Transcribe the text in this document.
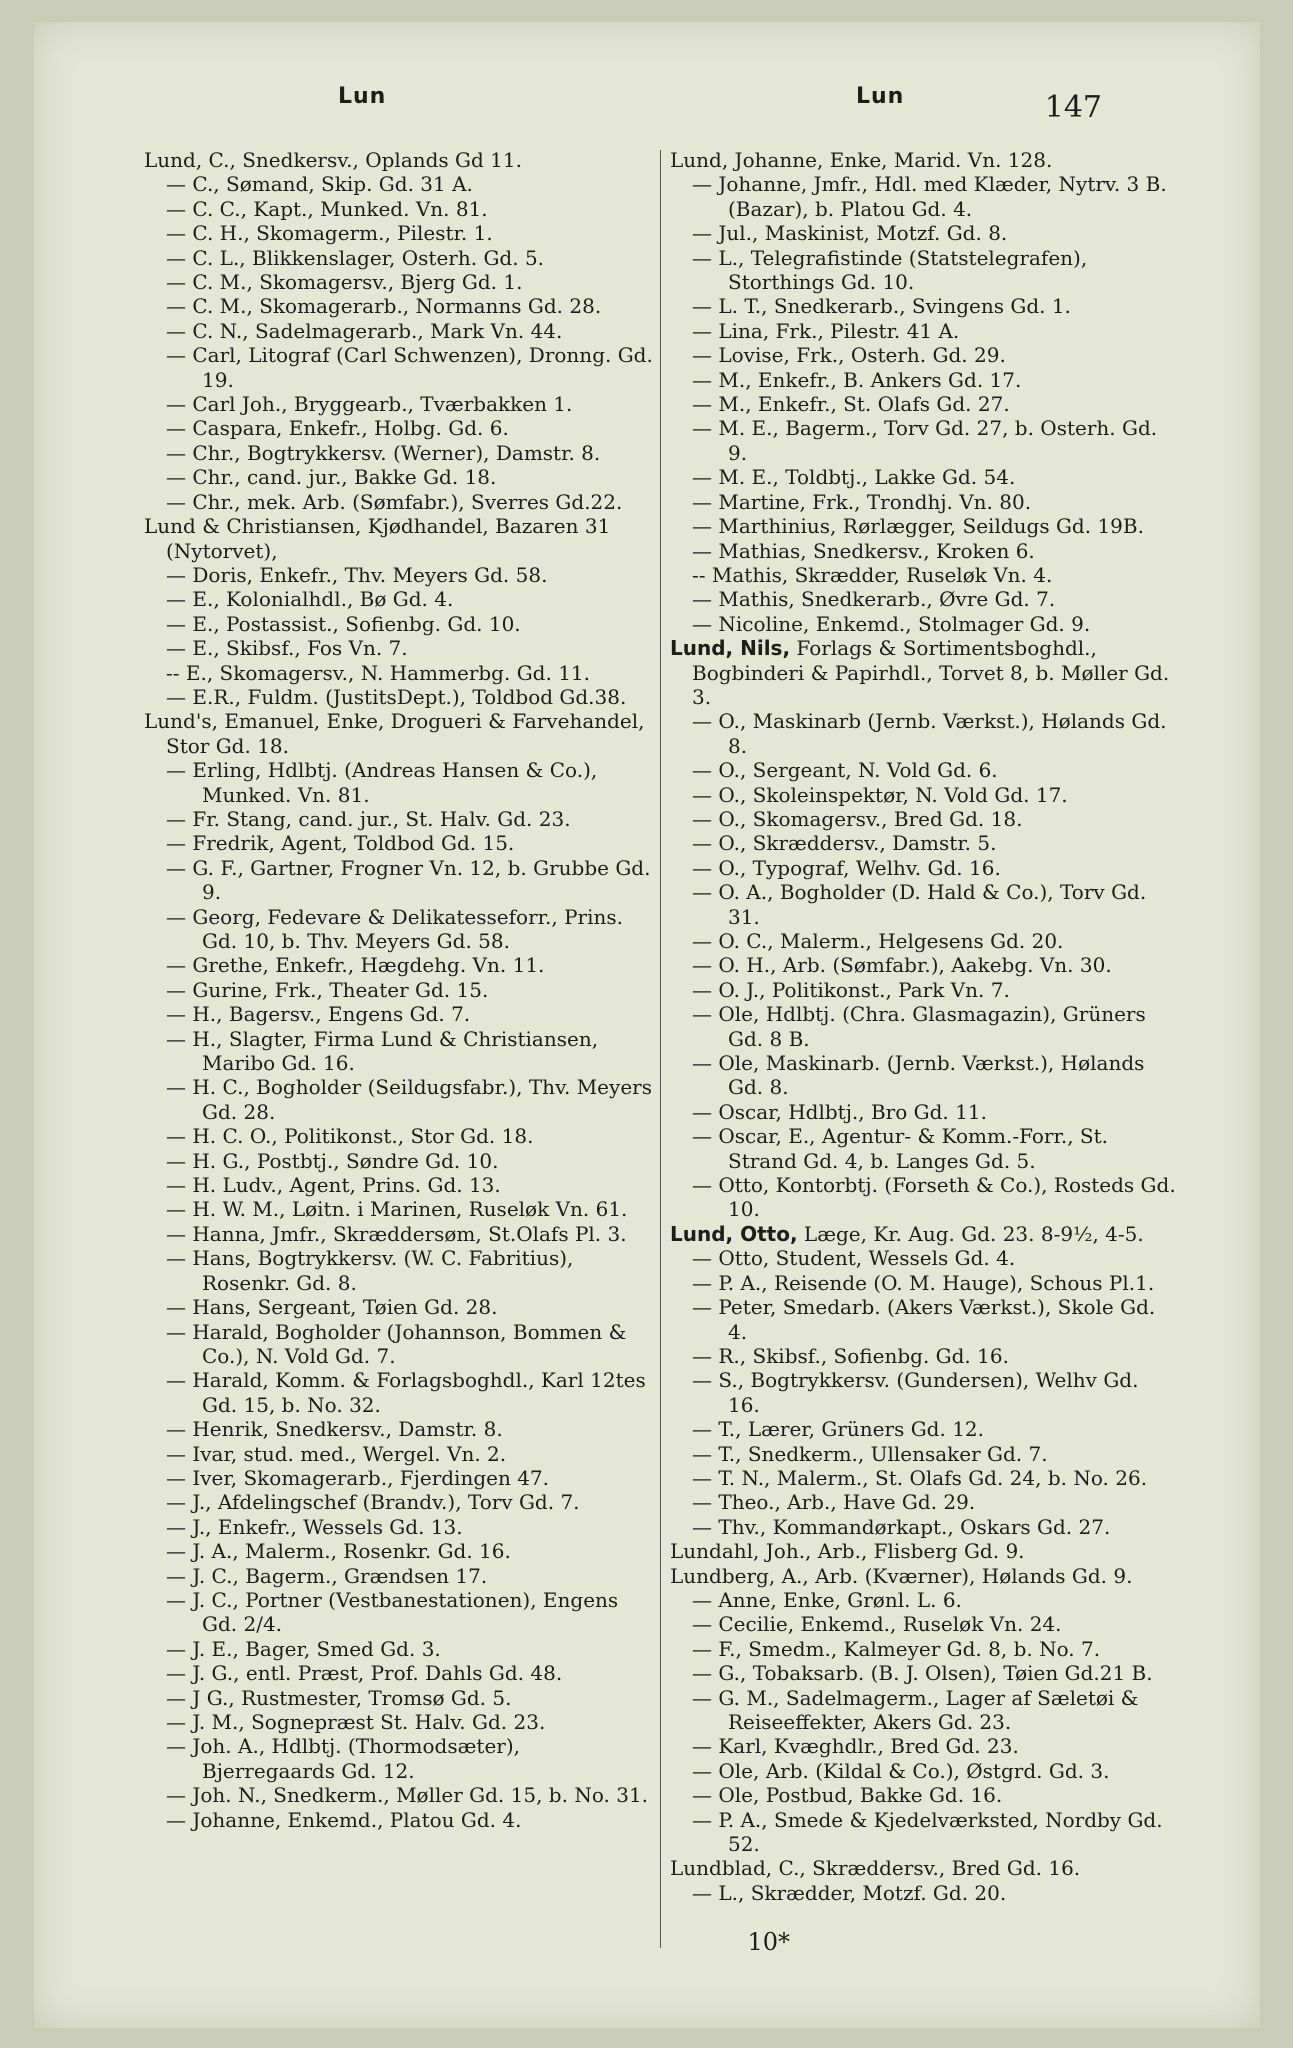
Lun	Lun	147
Lund, C., Snedkersv., Oplands Gd 11.
— C., Sømand, Skip. Gd. 31 A.
— C. C., Kapt., Munked. Vn. 81.
— C. H., Skomagerm., Pilestr. 1.
— C. L., Blikkenslager, Osterh. Gd. 5.
— C. M., Skomagersv., Bjerg Gd. 1.
— C. M., Skomagerarb., Normanns Gd. 28.
— C. N., Sadelmagerarb., Mark Vn. 44.
— Carl, Litograf (Carl Schwenzen), Dronng. Gd. 19.
— Carl Joh., Bryggearb., Tværbakken 1.
— Caspara, Enkefr., Holbg. Gd. 6.
— Chr., Bogtrykkersv. (Werner), Damstr. 8.
— Chr., cand. jur., Bakke Gd. 18.
— Chr., mek. Arb. (Sømfabr.), Sverres Gd.22.
Lund & Christiansen, Kjødhandel, Bazaren 31 (Nytorvet),
— Doris, Enkefr., Thv. Meyers Gd. 58.
— E., Kolonialhdl., Bø Gd. 4.
— E., Postassist., Sofienbg. Gd. 10.
— E., Skibsf., Fos Vn. 7.
-- E., Skomagersv., N. Hammerbg. Gd. 11.
— E.R., Fuldm. (JustitsDept.), Toldbod Gd.38.
Lund's, Emanuel, Enke, Drogueri & Farvehandel, Stor Gd. 18.
— Erling, Hdlbtj. (Andreas Hansen & Co.), Munked. Vn. 81.
— Fr. Stang, cand. jur., St. Halv. Gd. 23.
— Fredrik, Agent, Toldbod Gd. 15.
— G. F., Gartner, Frogner Vn. 12, b. Grubbe Gd. 9.
— Georg, Fedevare & Delikatesseforr., Prins. Gd. 10, b. Thv. Meyers Gd. 58.
— Grethe, Enkefr., Hægdehg. Vn. 11.
— Gurine, Frk., Theater Gd. 15.
— H., Bagersv., Engens Gd. 7.
— H., Slagter, Firma Lund & Christiansen, Maribo Gd. 16.
— H. C., Bogholder (Seildugsfabr.), Thv. Meyers Gd. 28.
— H. C. O., Politikonst., Stor Gd. 18.
— H. G., Postbtj., Søndre Gd. 10.
— H. Ludv., Agent, Prins. Gd. 13.
— H. W. M., Løitn. i Marinen, Ruseløk Vn. 61.
— Hanna, Jmfr., Skræddersøm, St.Olafs Pl. 3.
— Hans, Bogtrykkersv. (W. C. Fabritius), Rosenkr. Gd. 8.
— Hans, Sergeant, Tøien Gd. 28.
— Harald, Bogholder (Johannson, Bommen & Co.), N. Vold Gd. 7.
— Harald, Komm. & Forlagsboghdl., Karl 12tes Gd. 15, b. No. 32.
— Henrik, Snedkersv., Damstr. 8.
— Ivar, stud. med., Wergel. Vn. 2.
— Iver, Skomagerarb., Fjerdingen 47.
— J., Afdelingschef (Brandv.), Torv Gd. 7.
— J., Enkefr., Wessels Gd. 13.
— J. A., Malerm., Rosenkr. Gd. 16.
— J. C., Bagerm., Grændsen 17.
— J. C., Portner (Vestbanestationen), Engens Gd. 2/4.
— J. E., Bager, Smed Gd. 3.
— J. G., entl. Præst, Prof. Dahls Gd. 48.
— J G., Rustmester, Tromsø Gd. 5.
— J. M., Sognepræst St. Halv. Gd. 23.
— Joh. A., Hdlbtj. (Thormodsæter), Bjerregaards Gd. 12.
— Joh. N., Snedkerm., Møller Gd. 15, b. No. 31.
— Johanne, Enkemd., Platou Gd. 4.
Lund, Johanne, Enke, Marid. Vn. 128.
— Johanne, Jmfr., Hdl. med Klæder, Nytrv. 3 B. (Bazar), b. Platou Gd. 4.
— Jul., Maskinist, Motzf. Gd. 8.
— L., Telegrafistinde (Statstelegrafen), Storthings Gd. 10.
— L. T., Snedkerarb., Svingens Gd. 1.
— Lina, Frk., Pilestr. 41 A.
— Lovise, Frk., Osterh. Gd. 29.
— M., Enkefr., B. Ankers Gd. 17.
— M., Enkefr., St. Olafs Gd. 27.
— M. E., Bagerm., Torv Gd. 27, b. Osterh. Gd. 9.
— M. E., Toldbtj., Lakke Gd. 54.
— Martine, Frk., Trondhj. Vn. 80.
— Marthinius, Rørlægger, Seildugs Gd. 19B.
— Mathias, Snedkersv., Kroken 6.
-- Mathis, Skrædder, Ruseløk Vn. 4.
— Mathis, Snedkerarb., Øvre Gd. 7.
— Nicoline, Enkemd., Stolmager Gd. 9.
Lund, Nils, Forlags & Sortimentsboghdl., Bogbinderi & Papirhdl., Torvet 8, b. Møller Gd. 3.
— O., Maskinarb (Jernb. Værkst.), Hølands Gd. 8.
— O., Sergeant, N. Vold Gd. 6.
— O., Skoleinspektør, N. Vold Gd. 17.
— O., Skomagersv., Bred Gd. 18.
— O., Skræddersv., Damstr. 5.
— O., Typograf, Welhv. Gd. 16.
— O. A., Bogholder (D. Hald & Co.), Torv Gd. 31.
— O. C., Malerm., Helgesens Gd. 20.
— O. H., Arb. (Sømfabr.), Aakebg. Vn. 30.
— O. J., Politikonst., Park Vn. 7.
— Ole, Hdlbtj. (Chra. Glasmagazin), Grüners Gd. 8 B.
— Ole, Maskinarb. (Jernb. Værkst.), Hølands Gd. 8.
— Oscar, Hdlbtj., Bro Gd. 11.
— Oscar, E., Agentur- & Komm.-Forr., St. Strand Gd. 4, b. Langes Gd. 5.
— Otto, Kontorbtj. (Forseth & Co.), Rosteds Gd. 10.
Lund, Otto, Læge, Kr. Aug. Gd. 23. 8-9½, 4-5.
— Otto, Student, Wessels Gd. 4.
— P. A., Reisende (O. M. Hauge), Schous Pl.1.
— Peter, Smedarb. (Akers Værkst.), Skole Gd. 4.
— R., Skibsf., Sofienbg. Gd. 16.
— S., Bogtrykkersv. (Gundersen), Welhv Gd. 16.
— T., Lærer, Grüners Gd. 12.
— T., Snedkerm., Ullensaker Gd. 7.
— T. N., Malerm., St. Olafs Gd. 24, b. No. 26.
— Theo., Arb., Have Gd. 29.
— Thv., Kommandørkapt., Oskars Gd. 27.
Lundahl, Joh., Arb., Flisberg Gd. 9.
Lundberg, A., Arb. (Kværner), Hølands Gd. 9.
— Anne, Enke, Grønl. L. 6.
— Cecilie, Enkemd., Ruseløk Vn. 24.
— F., Smedm., Kalmeyer Gd. 8, b. No. 7.
— G., Tobaksarb. (B. J. Olsen), Tøien Gd.21 B.
— G. M., Sadelmagerm., Lager af Sæletøi & Reiseeffekter, Akers Gd. 23.
— Karl, Kvæghdlr., Bred Gd. 23.
— Ole, Arb. (Kildal & Co.), Østgrd. Gd. 3.
— Ole, Postbud, Bakke Gd. 16.
— P. A., Smede & Kjedelværksted, Nordby Gd. 52.
Lundblad, C., Skræddersv., Bred Gd. 16.
— L., Skrædder, Motzf. Gd. 20.
10*
